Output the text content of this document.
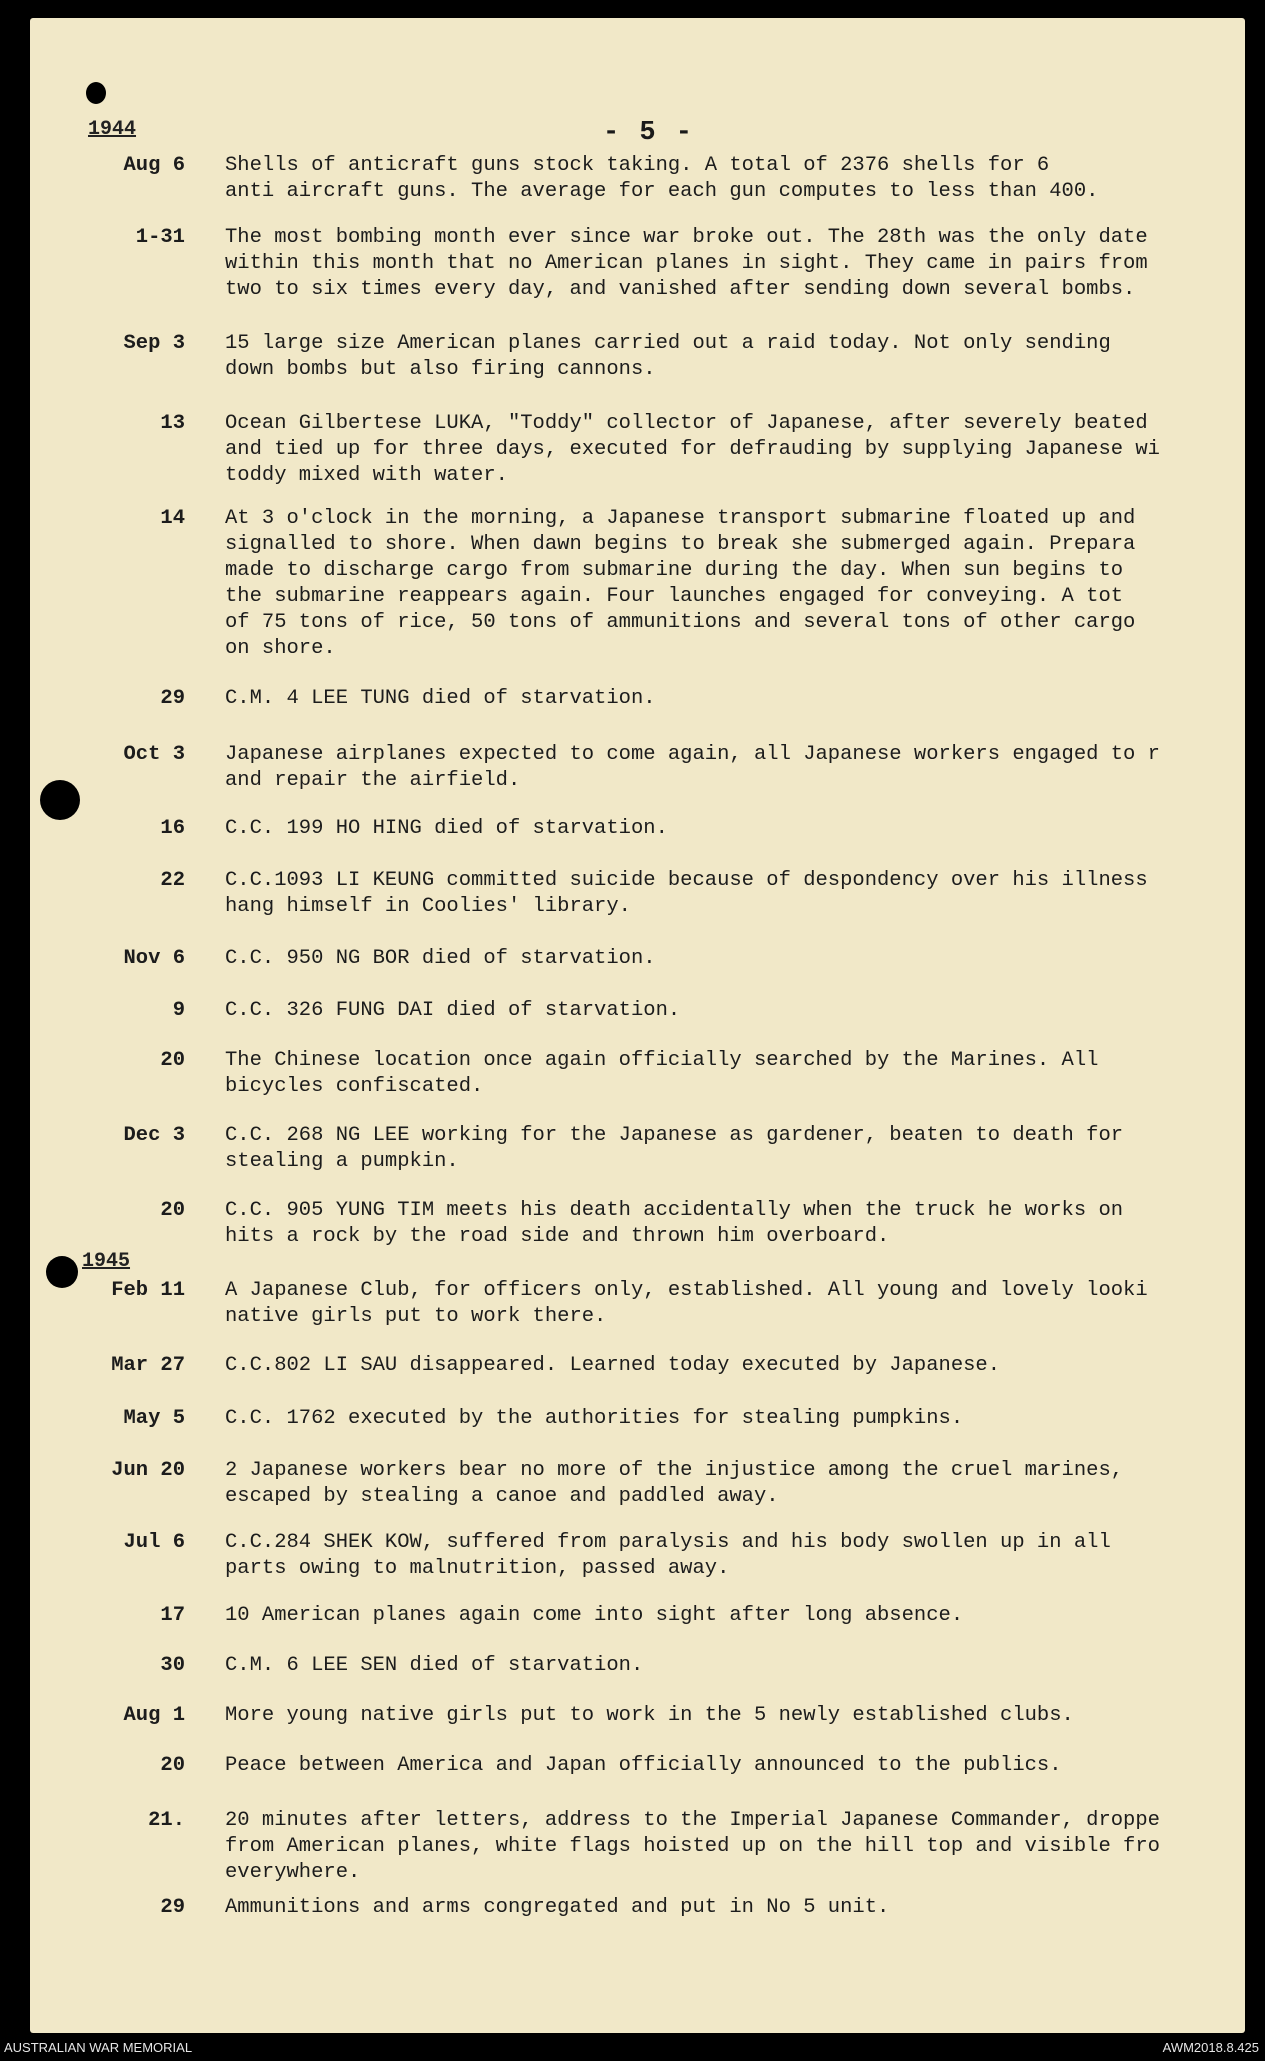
- 5 -
1944
1945
Aug 6 Shells of anticraft guns stock taking. A total of 2376 shells for 6
anti aircraft guns. The average for each gun computes to less than 400.
1-31 The most bombing month ever since war broke out. The 28th was the only date
within this month that no American planes in sight. They came in pairs from
two to six times every day, and vanished after sending down several bombs.
Sep 3 15 large size American planes carried out a raid today. Not only sending
down bombs but also firing cannons.
13 Ocean Gilbertese LUKA, "Toddy" collector of Japanese, after severely beated
and tied up for three days, executed for defrauding by supplying Japanese wi
toddy mixed with water.
14 At 3 o'clock in the morning, a Japanese transport submarine floated up and
signalled to shore. When dawn begins to break she submerged again. Prepara
made to discharge cargo from submarine during the day. When sun begins to
the submarine reappears again. Four launches engaged for conveying. A tot
of 75 tons of rice, 50 tons of ammunitions and several tons of other cargo
on shore.
29 C.M. 4 LEE TUNG died of starvation.
Oct 3 Japanese airplanes expected to come again, all Japanese workers engaged to r
and repair the airfield.
16 C.C. 199 HO HING died of starvation.
22 C.C.1093 LI KEUNG committed suicide because of despondency over his illness
hang himself in Coolies' library.
Nov 6 C.C. 950 NG BOR died of starvation.
9 C.C. 326 FUNG DAI died of starvation.
20 The Chinese location once again officially searched by the Marines. All
bicycles confiscated.
Dec 3 C.C. 268 NG LEE working for the Japanese as gardener, beaten to death for
stealing a pumpkin.
20 C.C. 905 YUNG TIM meets his death accidentally when the truck he works on
hits a rock by the road side and thrown him overboard.
Feb 11 A Japanese Club, for officers only, established. All young and lovely looki
native girls put to work there.
Mar 27 C.C.802 LI SAU disappeared. Learned today executed by Japanese.
May 5 C.C. 1762 executed by the authorities for stealing pumpkins.
Jun 20 2 Japanese workers bear no more of the injustice among the cruel marines,
escaped by stealing a canoe and paddled away.
Jul 6 C.C.284 SHEK KOW, suffered from paralysis and his body swollen up in all
parts owing to malnutrition, passed away.
17 10 American planes again come into sight after long absence.
30 C.M. 6 LEE SEN died of starvation.
Aug 1 More young native girls put to work in the 5 newly established clubs.
20 Peace between America and Japan officially announced to the publics.
21. 20 minutes after letters, address to the Imperial Japanese Commander, droppe
from American planes, white flags hoisted up on the hill top and visible fro
everywhere.
29 Ammunitions and arms congregated and put in No 5 unit.
AUSTRALIAN WAR MEMORIAL	AWM2018.8.425
